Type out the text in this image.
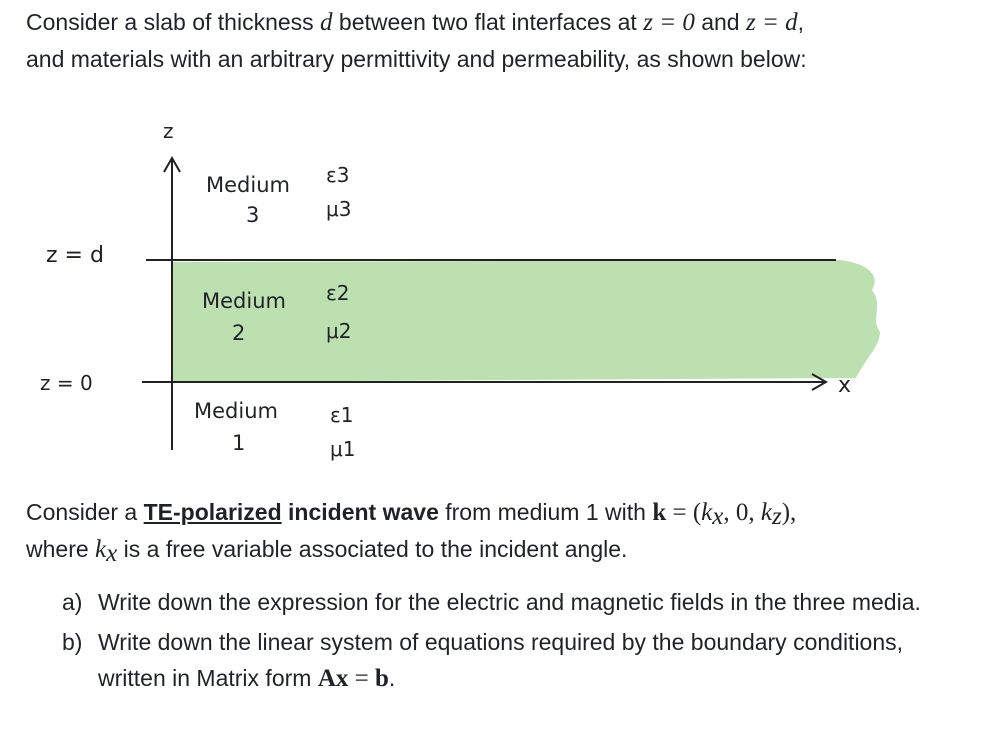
Consider a slab of thickness d between two flat interfaces at z = 0 and z = d,
and materials with an arbitrary permittivity and permeability, as shown below:
z
x
z = d
z = 0
Medium
3
ε3
μ3
Medium
2
ε2
μ2
Medium
1
ε1
μ1
Consider a TE-polarized incident wave from medium 1 with $k = (k_x$, 0, $k_z$),
where $k_x$ is a free variable associated to the incident angle.
a) Write down the expression for the electric and magnetic fields in the three media.
b) Write down the linear system of equations required by the boundary conditions, written in Matrix form Ax = b.
